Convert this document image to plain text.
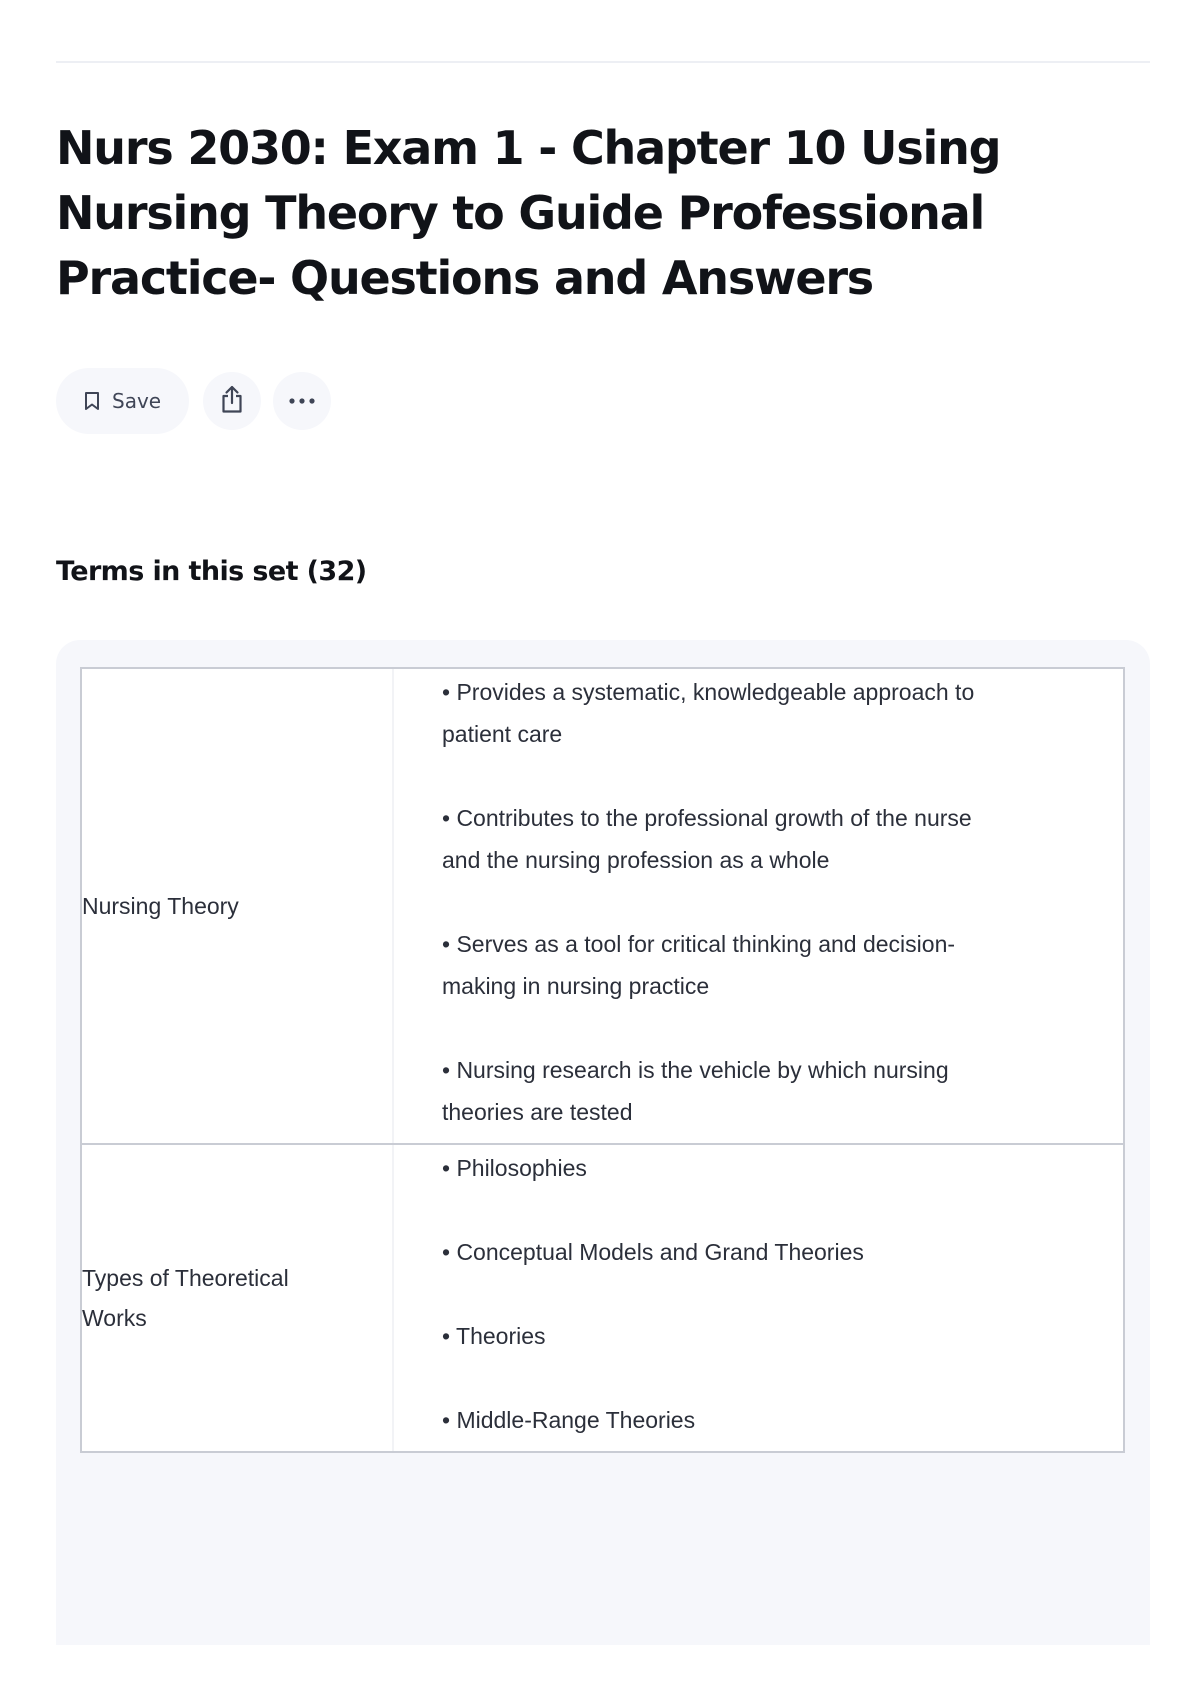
Nurs 2030: Exam 1 - Chapter 10 Using Nursing Theory to Guide Professional Practice- Questions and Answers
Save
Terms in this set (32)
Nursing Theory

• Provides a systematic, knowledgeable approach to patient care

• Contributes to the professional growth of the nurse and the nursing profession as a whole

• Serves as a tool for critical thinking and decision-making in nursing practice

• Nursing research is the vehicle by which nursing theories are tested

Types of Theoretical Works

• Philosophies

• Conceptual Models and Grand Theories

• Theories

• Middle-Range Theories
